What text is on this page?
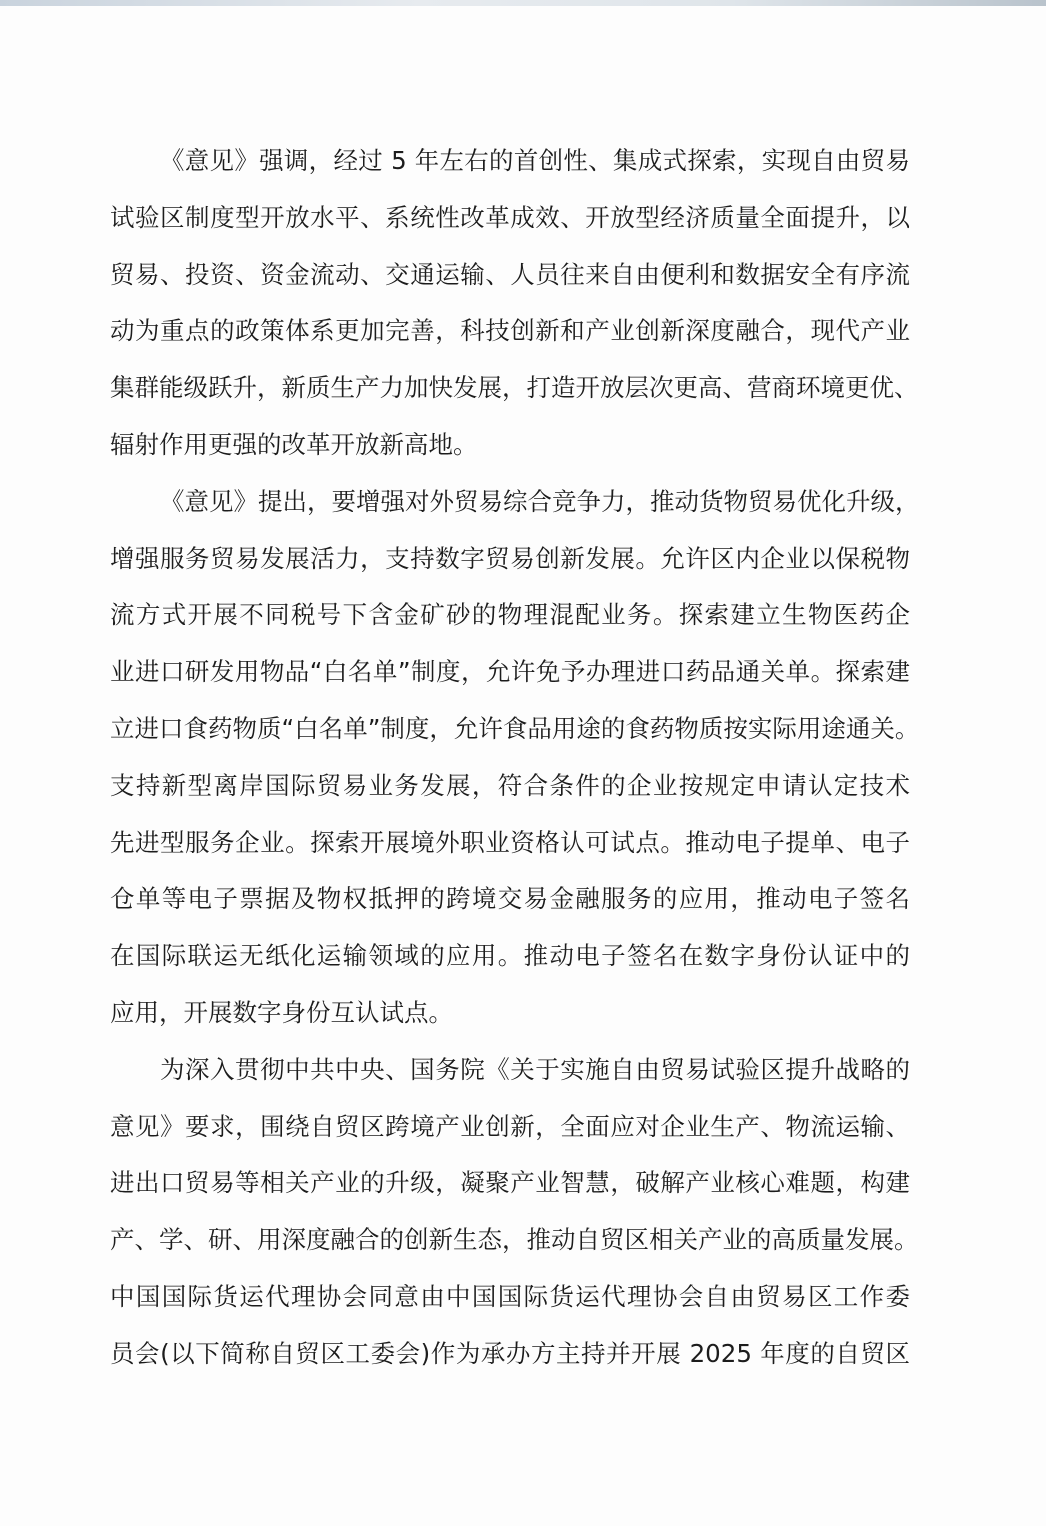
《意见》强调，经过 5 年左右的首创性、集成式探索，实现自由贸易
试验区制度型开放水平、系统性改革成效、开放型经济质量全面提升，以
贸易、投资、资金流动、交通运输、人员往来自由便利和数据安全有序流
动为重点的政策体系更加完善，科技创新和产业创新深度融合，现代产业
集群能级跃升，新质生产力加快发展，打造开放层次更高、营商环境更优、
辐射作用更强的改革开放新高地。
《意见》提出，要增强对外贸易综合竞争力，推动货物贸易优化升级，
增强服务贸易发展活力，支持数字贸易创新发展。允许区内企业以保税物
流方式开展不同税号下含金矿砂的物理混配业务。探索建立生物医药企
业进口研发用物品“白名单”制度，允许免予办理进口药品通关单。探索建
立进口食药物质“白名单”制度，允许食品用途的食药物质按实际用途通关。
支持新型离岸国际贸易业务发展，符合条件的企业按规定申请认定技术
先进型服务企业。探索开展境外职业资格认可试点。推动电子提单、电子
仓单等电子票据及物权抵押的跨境交易金融服务的应用，推动电子签名
在国际联运无纸化运输领域的应用。推动电子签名在数字身份认证中的
应用，开展数字身份互认试点。
为深入贯彻中共中央、国务院《关于实施自由贸易试验区提升战略的
意见》要求，围绕自贸区跨境产业创新，全面应对企业生产、物流运输、
进出口贸易等相关产业的升级，凝聚产业智慧，破解产业核心难题，构建
产、学、研、用深度融合的创新生态，推动自贸区相关产业的高质量发展。
中国国际货运代理协会同意由中国国际货运代理协会自由贸易区工作委
员会(以下简称自贸区工委会)作为承办方主持并开展 2025 年度的自贸区
